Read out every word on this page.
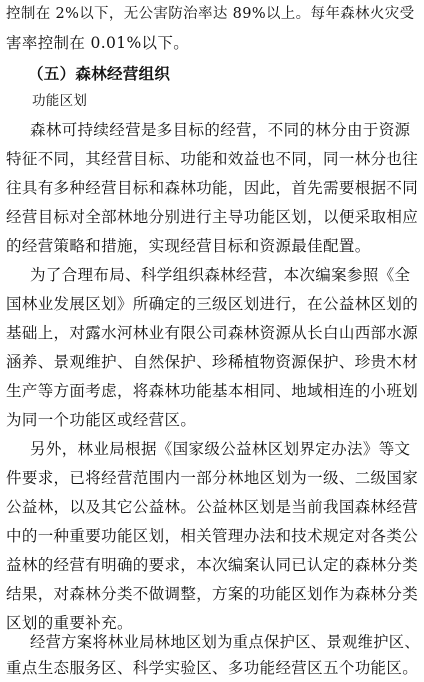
控制在 2%以下，无公害防治率达 89%以上。每年森林火灾受
害率控制在 0.01%以下。
（五）森林经营组织
功能区划
森林可持续经营是多目标的经营，不同的林分由于资源
特征不同，其经营目标、功能和效益也不同，同一林分也往
往具有多种经营目标和森林功能，因此，首先需要根据不同
经营目标对全部林地分别进行主导功能区划，以便采取相应
的经营策略和措施，实现经营目标和资源最佳配置。
为了合理布局、科学组织森林经营，本次编案参照《全
国林业发展区划》所确定的三级区划进行，在公益林区划的
基础上，对露水河林业有限公司森林资源从长白山西部水源
涵养、景观维护、自然保护、珍稀植物资源保护、珍贵木材
生产等方面考虑，将森林功能基本相同、地域相连的小班划
为同一个功能区或经营区。
另外，林业局根据《国家级公益林区划界定办法》等文
件要求，已将经营范围内一部分林地区划为一级、二级国家
公益林，以及其它公益林。公益林区划是当前我国森林经营
中的一种重要功能区划，相关管理办法和技术规定对各类公
益林的经营有明确的要求，本次编案认同已认定的森林分类
结果，对森林分类不做调整，方案的功能区划作为森林分类
区划的重要补充。
经营方案将林业局林地区划为重点保护区、景观维护区、
重点生态服务区、科学实验区、多功能经营区五个功能区。
